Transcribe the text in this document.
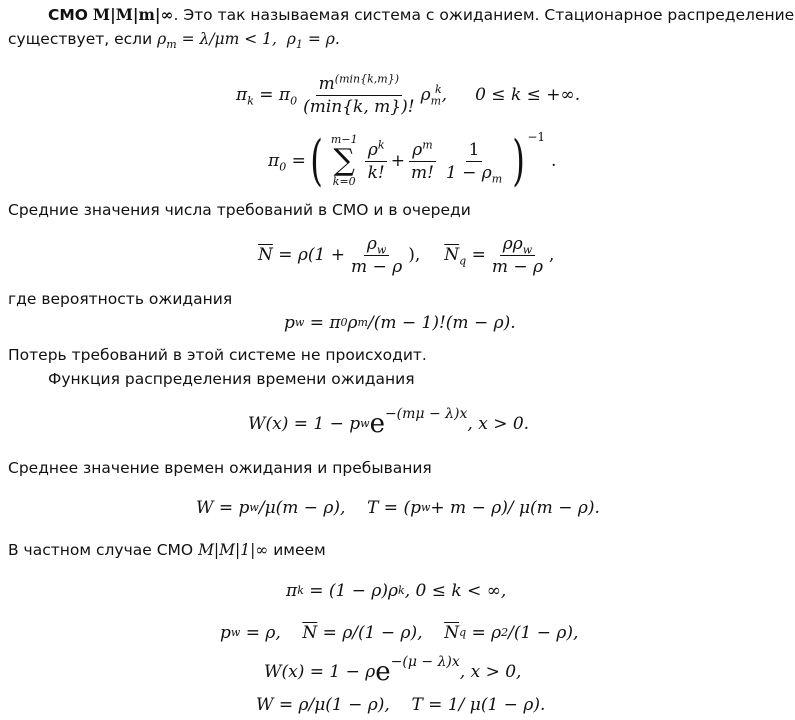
СМО M|M|m|∞. Это так называемая система с ожиданием. Стационарное распределение
существует, если $\rho_m = \lambda/\mu m < 1$,  $\rho_1 = \rho$.
$\pi_k = \pi_0 \frac{m^{(min\{k,m\})}}{(\min\{k, m\})!} \rho_m^k$, 0 ≤ k ≤ +∞.
$\pi_0$ = ( m−1
∑
$k=0 \frac{\rho^k}{k!} + \frac{\rho^m}{m!} \frac{1}{1 - \rho_m}$ ) −1
.
Средние значения числа требований в СМО и в очереди
$\overline{N} = \rho(1 + \frac{\rho_w}{m - \rho}$ ), $\overline{N}_q = \frac{\rho\rho_w}{m - \rho}$ ,
где вероятность ожидания
p w = π 0 ρ m /(m − 1)!(m − ρ).
Потерь требований в этой системе не происходит.
Функция распределения времени ожидания
W(x) = 1 − p w e −(mμ − λ)x , x > 0.
Среднее значение времен ожидания и пребывания
W = p w /μ(m − ρ),    T = (p w + m − ρ)/ μ(m − ρ).
В частном случае СМО M|M|1|∞ имеем
π k = (1 − ρ)ρ k , 0 ≤ k < ∞,
p w = ρ, $\overline{N} = \rho/(1 - \rho)$, $\overline{N}$ q = ρ 2 /(1 − ρ),
W(x) = 1 − ρ e −(μ − λ)x , x > 0,
W = ρ/μ(1 − ρ),    T = 1/ μ(1 − ρ).
